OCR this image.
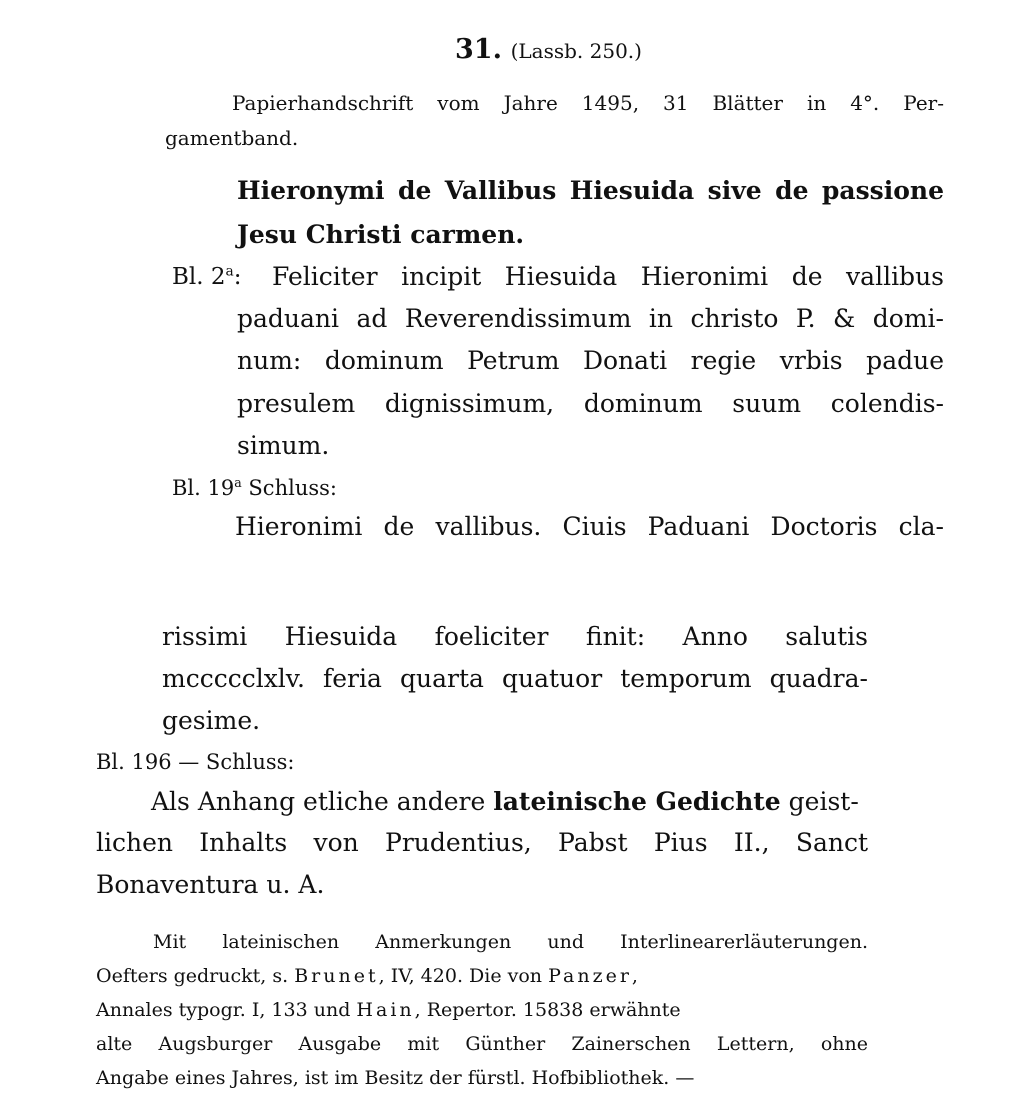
31. (Lassb. 250.)

Papierhandschrift vom Jahre 1495, 31 Blätter in 4°. Per-

gamentband.

Hieronymi de Vallibus Hiesuida sive de passione

Jesu Christi carmen.

Bl. 2$^a$: Feliciter incipit Hiesuida Hieronimi de vallibus

paduani ad Reverendissimum in christo P. & domi-

num: dominum Petrum Donati regie vrbis padue

presulem dignissimum, dominum suum colendis-

simum.

Bl. 19$^a$ Schluss:

Hieronimi de vallibus. Ciuis Paduani Doctoris cla-

rissimi Hiesuida foeliciter finit: Anno salutis

mccccclxlv. feria quarta quatuor temporum quadra-

gesime.

Bl. 196 — Schluss:

Als Anhang etliche andere lateinische Gedichte geist-

lichen Inhalts von Prudentius, Pabst Pius II., Sanct

Bonaventura u. A.

Mit lateinischen Anmerkungen und Interlinearerläuterungen.

Oefters gedruckt, s. Brunet, IV, 420. Die von Panzer,

Annales typogr. I, 133 und Hain, Repertor. 15838 erwähnte

alte Augsburger Ausgabe mit Günther Zainerschen Lettern, ohne

Angabe eines Jahres, ist im Besitz der fürstl. Hofbibliothek. —
